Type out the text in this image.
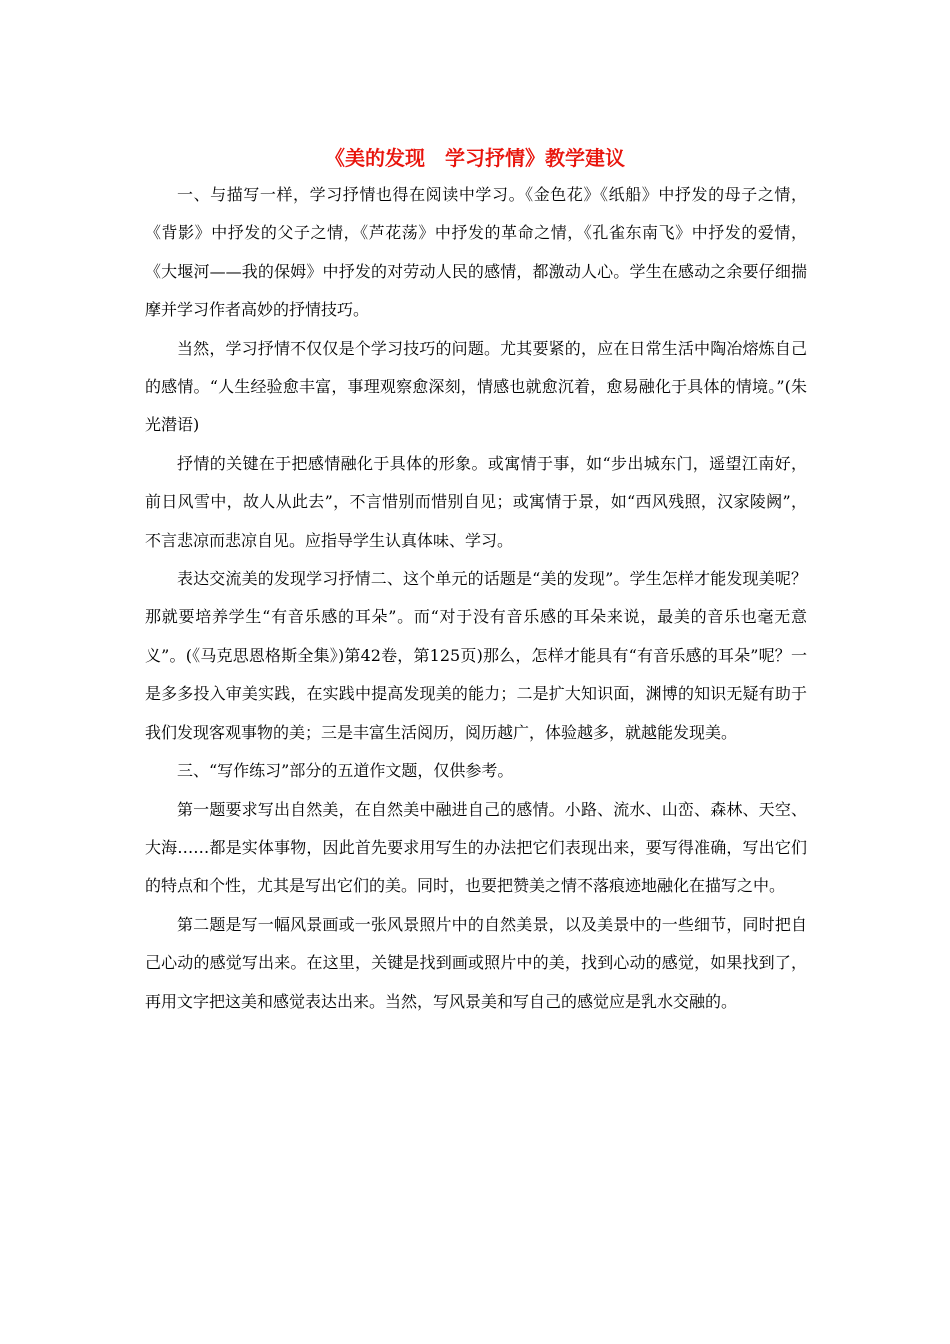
《美的发现　学习抒情》教学建议

一、与描写一样，学习抒情也得在阅读中学习。《金色花》《纸船》中抒发的母子之情，《背影》中抒发的父子之情，《芦花荡》中抒发的革命之情，《孔雀东南飞》中抒发的爱情，《大堰河——我的保姆》中抒发的对劳动人民的感情，都激动人心。学生在感动之余要仔细揣摩并学习作者高妙的抒情技巧。

当然，学习抒情不仅仅是个学习技巧的问题。尤其要紧的，应在日常生活中陶冶熔炼自己的感情。“人生经验愈丰富，事理观察愈深刻，情感也就愈沉着，愈易融化于具体的情境。”(朱光潜语)

抒情的关键在于把感情融化于具体的形象。或寓情于事，如“步出城东门，遥望江南好，前日风雪中，故人从此去”，不言惜别而惜别自见；或寓情于景，如“西风残照，汉家陵阙”，不言悲凉而悲凉自见。应指导学生认真体味、学习。

表达交流美的发现学习抒情二、这个单元的话题是“美的发现”。学生怎样才能发现美呢？那就要培养学生“有音乐感的耳朵”。而“对于没有音乐感的耳朵来说，最美的音乐也毫无意义”。(《马克思恩格斯全集》)第42卷，第125页)那么，怎样才能具有“有音乐感的耳朵”呢？一是多多投入审美实践，在实践中提高发现美的能力；二是扩大知识面，渊博的知识无疑有助于我们发现客观事物的美；三是丰富生活阅历，阅历越广，体验越多，就越能发现美。

三、“写作练习”部分的五道作文题，仅供参考。

第一题要求写出自然美，在自然美中融进自己的感情。小路、流水、山峦、森林、天空、大海……都是实体事物，因此首先要求用写生的办法把它们表现出来，要写得准确，写出它们的特点和个性，尤其是写出它们的美。同时，也要把赞美之情不落痕迹地融化在描写之中。

第二题是写一幅风景画或一张风景照片中的自然美景，以及美景中的一些细节，同时把自己心动的感觉写出来。在这里，关键是找到画或照片中的美，找到心动的感觉，如果找到了，再用文字把这美和感觉表达出来。当然，写风景美和写自己的感觉应是乳水交融的。
